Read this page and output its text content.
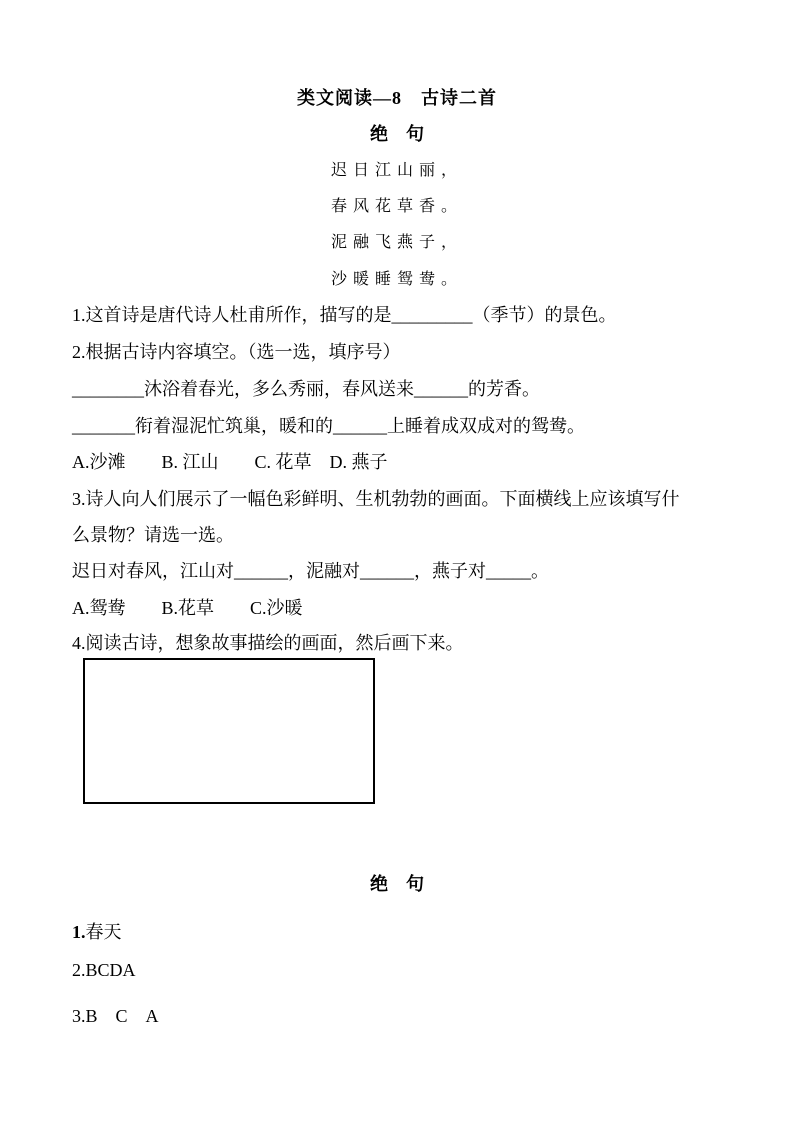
类文阅读—8　古诗二首
绝　句
迟日江山丽，
春风花草香。
泥融飞燕子，
沙暖睡鸳鸯。
1.这首诗是唐代诗人杜甫所作，描写的是_________（季节）的景色。
2.根据古诗内容填空。（选一选，填序号）
________沐浴着春光，多么秀丽，春风送来______的芳香。
_______衔着湿泥忙筑巢，暖和的______上睡着成双成对的鸳鸯。
A.沙滩　　B. 江山　　C. 花草　D. 燕子
3.诗人向人们展示了一幅色彩鲜明、生机勃勃的画面。下面横线上应该填写什
么景物？请选一选。
迟日对春风，江山对______，泥融对______，燕子对_____。
A.鸳鸯　　B.花草　　C.沙暖
4.阅读古诗，想象故事描绘的画面，然后画下来。
绝　句
1.春天
2.BCDA
3.B　C　A
